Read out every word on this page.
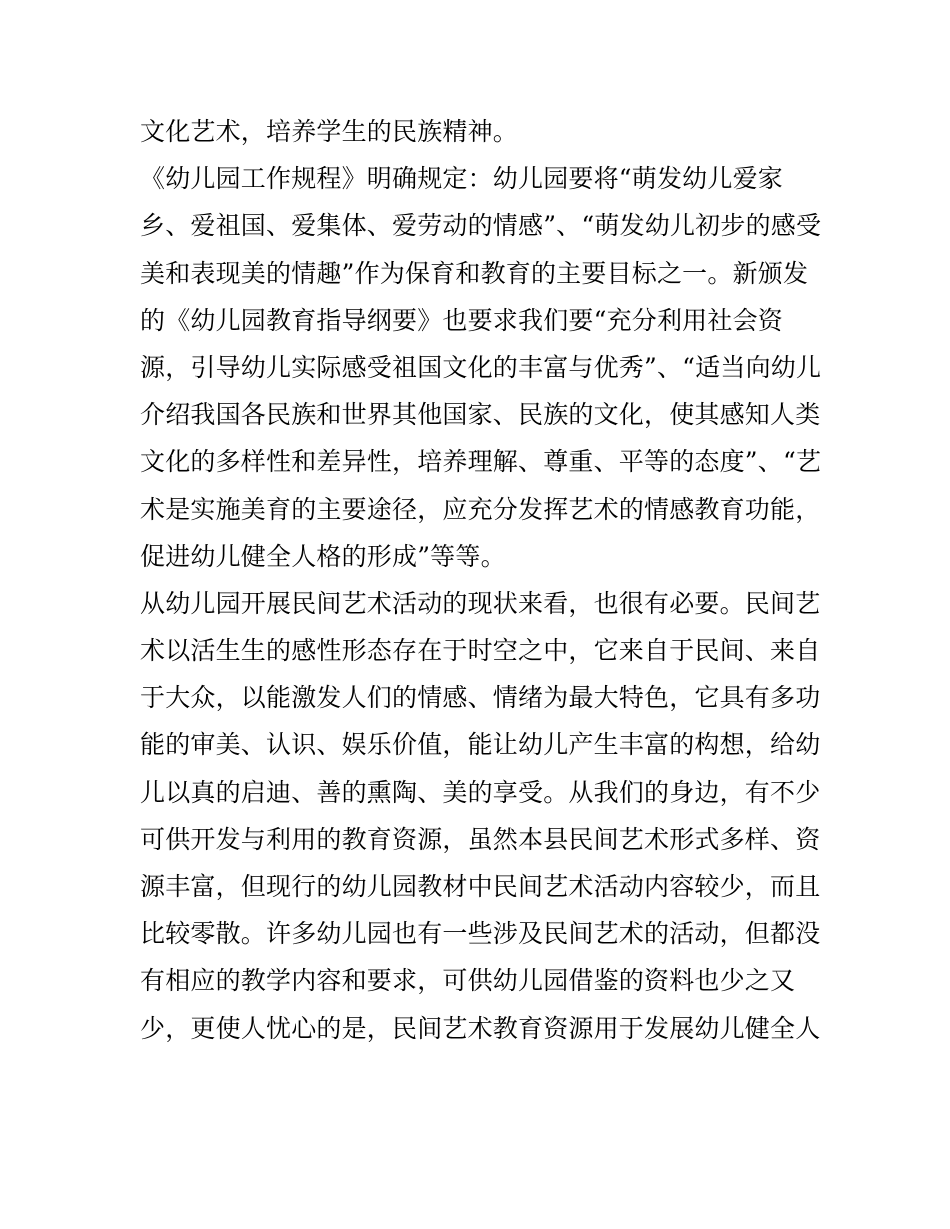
文化艺术，培养学生的民族精神。
《幼儿园工作规程》明确规定：幼儿园要将“萌发幼儿爱家
乡、爱祖国、爱集体、爱劳动的情感”、“萌发幼儿初步的感受
美和表现美的情趣”作为保育和教育的主要目标之一。新颁发
的《幼儿园教育指导纲要》也要求我们要“充分利用社会资
源，引导幼儿实际感受祖国文化的丰富与优秀”、“适当向幼儿
介绍我国各民族和世界其他国家、民族的文化，使其感知人类
文化的多样性和差异性，培养理解、尊重、平等的态度”、“艺
术是实施美育的主要途径，应充分发挥艺术的情感教育功能，
促进幼儿健全人格的形成”等等。
从幼儿园开展民间艺术活动的现状来看，也很有必要。民间艺
术以活生生的感性形态存在于时空之中，它来自于民间、来自
于大众，以能激发人们的情感、情绪为最大特色，它具有多功
能的审美、认识、娱乐价值，能让幼儿产生丰富的构想，给幼
儿以真的启迪、善的熏陶、美的享受。从我们的身边，有不少
可供开发与利用的教育资源，虽然本县民间艺术形式多样、资
源丰富，但现行的幼儿园教材中民间艺术活动内容较少，而且
比较零散。许多幼儿园也有一些涉及民间艺术的活动，但都没
有相应的教学内容和要求，可供幼儿园借鉴的资料也少之又
少，更使人忧心的是，民间艺术教育资源用于发展幼儿健全人
